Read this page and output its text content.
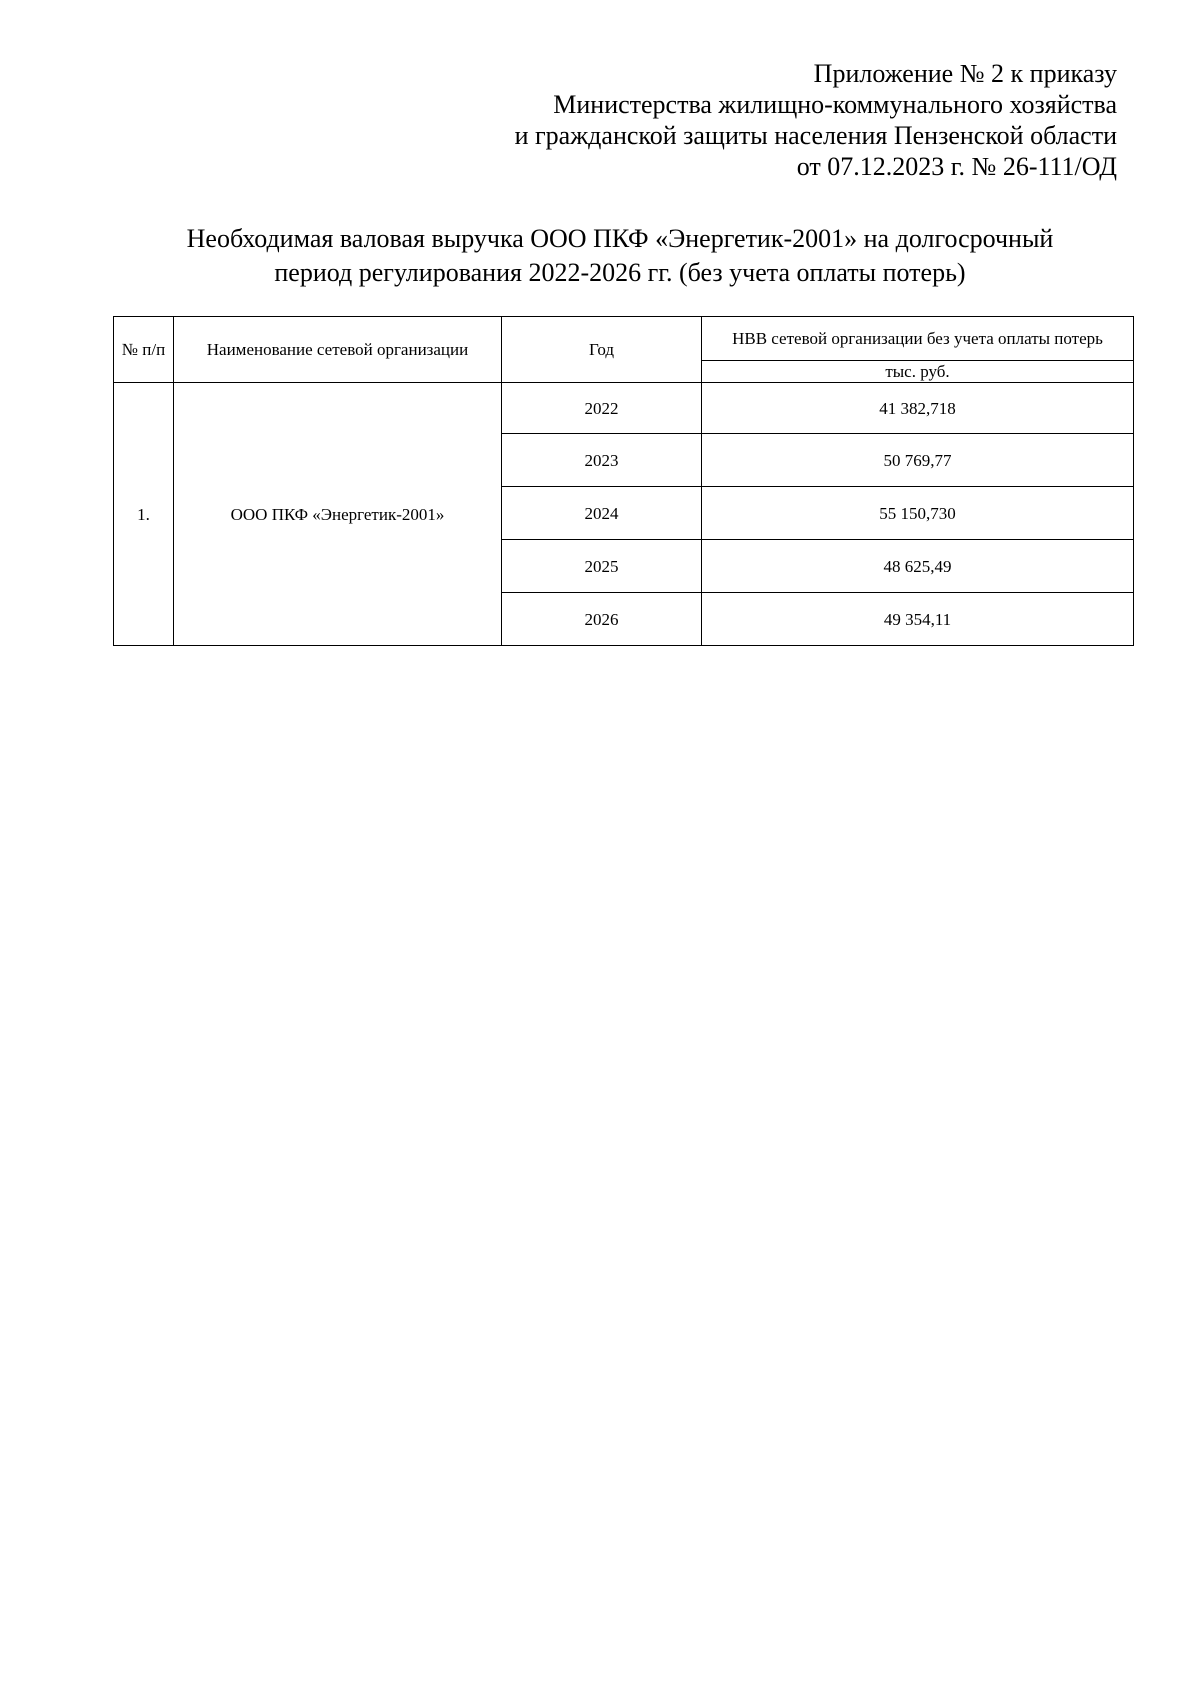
Приложение № 2 к приказу
Министерства жилищно-коммунального хозяйства
и гражданской защиты населения Пензенской области
от 07.12.2023 г. № 26-111/ОД
Необходимая валовая выручка ООО ПКФ «Энергетик-2001» на долгосрочный
период регулирования 2022-2026 гг. (без учета оплаты потерь)
№ п/п	Наименование сетевой организации	Год	НВВ сетевой организации без учета оплаты потерь
			тыс. руб.
1.	ООО ПКФ «Энергетик-2001»	2022	41 382,718
		2023	50 769,77
		2024	55 150,730
		2025	48 625,49
		2026	49 354,11
